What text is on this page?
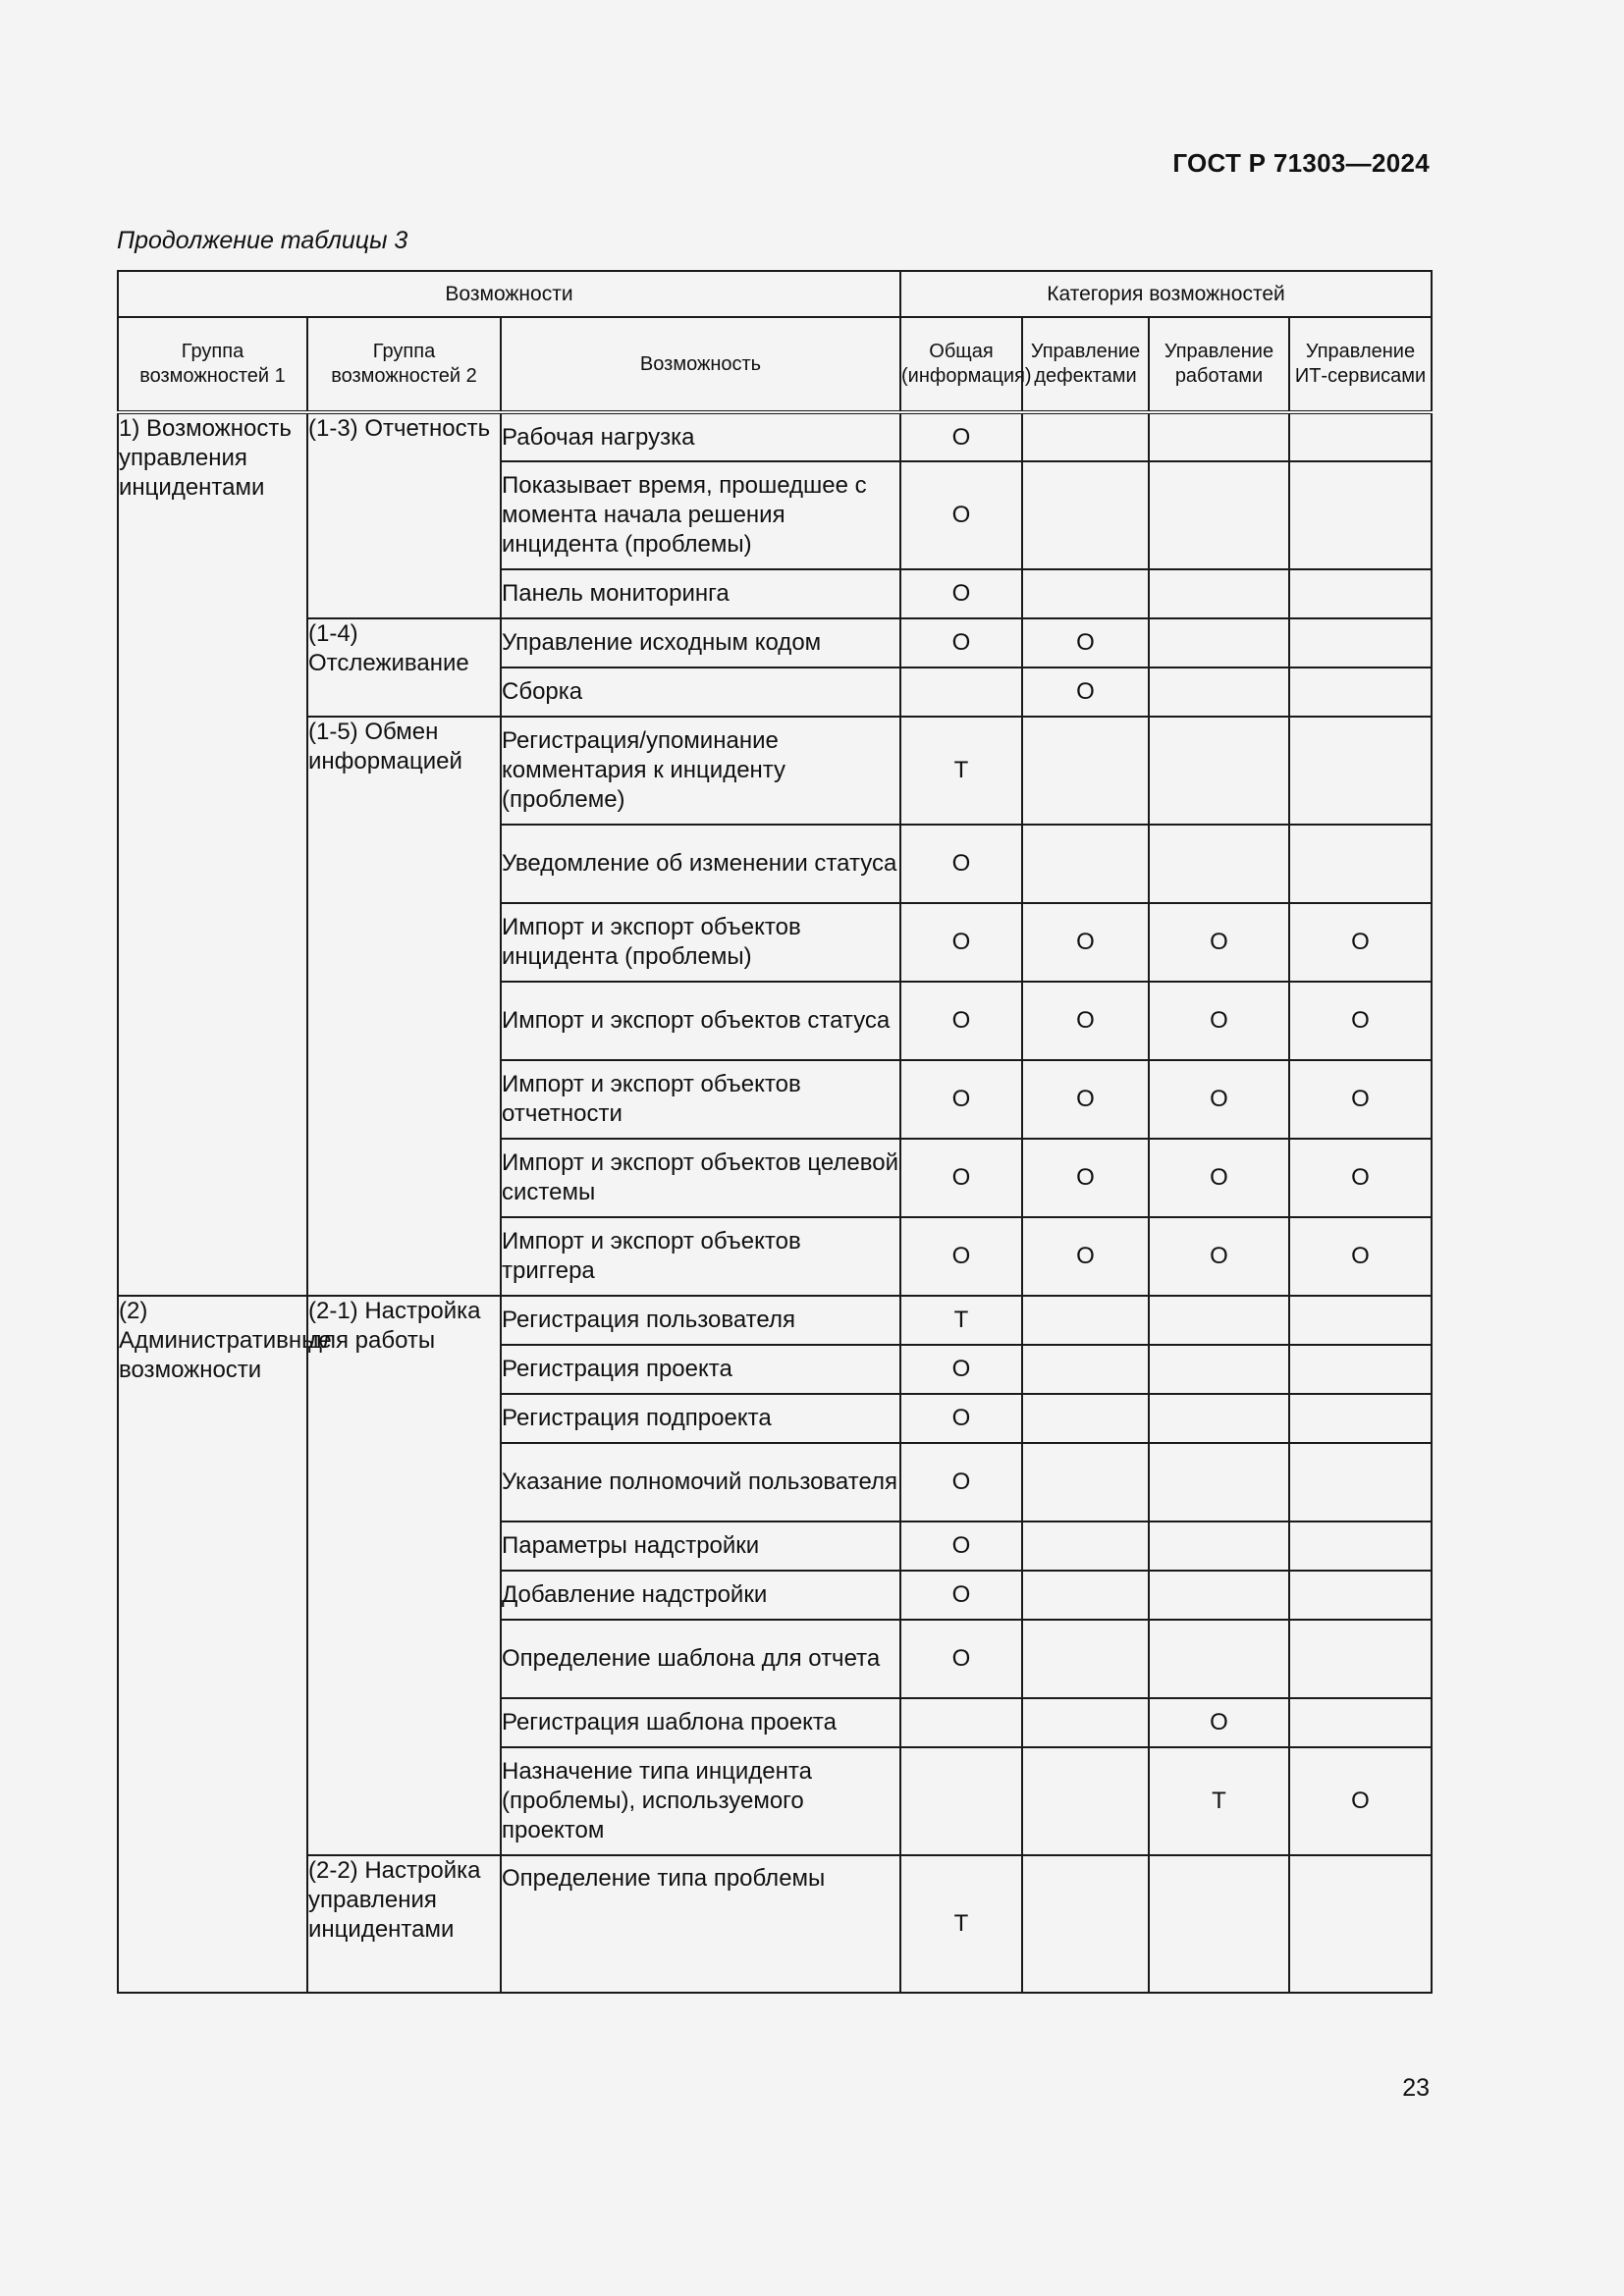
ГОСТ Р 71303—2024
Продолжение таблицы 3
Возможности			Категория возможностей			
Группа возможностей 1	Группа возможностей 2	Возможность	Общая (информация)	Управление дефектами	Управление работами	Управление ИТ-сервисами
1) Возможность управления инцидентами	(1-3) Отчетность	Рабочая нагрузка	O			
		Показывает время, прошедшее с момента начала решения инцидента (проблемы)	O			
		Панель мониторинга	O			
	(1-4) Отслеживание	Управление исходным кодом	O	O		
		Сборка		O		
	(1-5) Обмен информацией	Регистрация/упоминание комментария к инциденту (проблеме)	T			
		Уведомление об изменении статуса	O			
		Импорт и экспорт объектов инцидента (проблемы)	O	O	O	O
		Импорт и экспорт объектов статуса	O	O	O	O
		Импорт и экспорт объектов отчетности	O	O	O	O
		Импорт и экспорт объектов целевой системы	O	O	O	O
		Импорт и экспорт объектов триггера	O	O	O	O
(2) Административные возможности	(2-1) Настройка для работы	Регистрация пользователя	T			
		Регистрация проекта	O			
		Регистрация подпроекта	O			
		Указание полномочий пользователя	O			
		Параметры надстройки	O			
		Добавление надстройки	O			
		Определение шаблона для отчета	O			
		Регистрация шаблона проекта			O	
		Назначение типа инцидента (проблемы), используемого проектом			T	O
	(2-2) Настройка управления инцидентами	Определение типа проблемы	T			
23
